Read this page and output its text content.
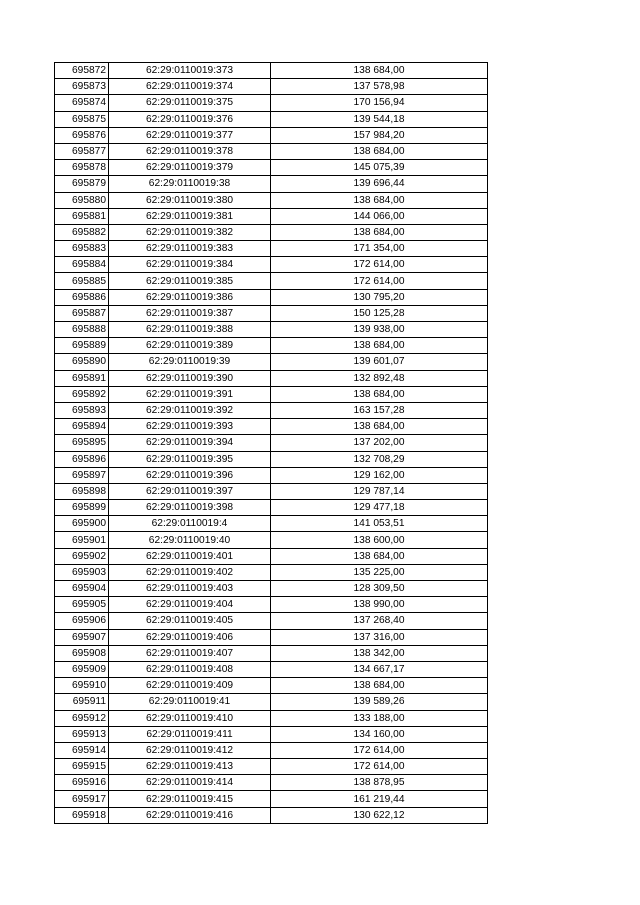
695872	62:29:0110019:373	138 684,00
695873	62:29:0110019:374	137 578,98
695874	62:29:0110019:375	170 156,94
695875	62:29:0110019:376	139 544,18
695876	62:29:0110019:377	157 984,20
695877	62:29:0110019:378	138 684,00
695878	62:29:0110019:379	145 075,39
695879	62:29:0110019:38	139 696,44
695880	62:29:0110019:380	138 684,00
695881	62:29:0110019:381	144 066,00
695882	62:29:0110019:382	138 684,00
695883	62:29:0110019:383	171 354,00
695884	62:29:0110019:384	172 614,00
695885	62:29:0110019:385	172 614,00
695886	62:29:0110019:386	130 795,20
695887	62:29:0110019:387	150 125,28
695888	62:29:0110019:388	139 938,00
695889	62:29:0110019:389	138 684,00
695890	62:29:0110019:39	139 601,07
695891	62:29:0110019:390	132 892,48
695892	62:29:0110019:391	138 684,00
695893	62:29:0110019:392	163 157,28
695894	62:29:0110019:393	138 684,00
695895	62:29:0110019:394	137 202,00
695896	62:29:0110019:395	132 708,29
695897	62:29:0110019:396	129 162,00
695898	62:29:0110019:397	129 787,14
695899	62:29:0110019:398	129 477,18
695900	62:29:0110019:4	141 053,51
695901	62:29:0110019:40	138 600,00
695902	62:29:0110019:401	138 684,00
695903	62:29:0110019:402	135 225,00
695904	62:29:0110019:403	128 309,50
695905	62:29:0110019:404	138 990,00
695906	62:29:0110019:405	137 268,40
695907	62:29:0110019:406	137 316,00
695908	62:29:0110019:407	138 342,00
695909	62:29:0110019:408	134 667,17
695910	62:29:0110019:409	138 684,00
695911	62:29:0110019:41	139 589,26
695912	62:29:0110019:410	133 188,00
695913	62:29:0110019:411	134 160,00
695914	62:29:0110019:412	172 614,00
695915	62:29:0110019:413	172 614,00
695916	62:29:0110019:414	138 878,95
695917	62:29:0110019:415	161 219,44
695918	62:29:0110019:416	130 622,12
